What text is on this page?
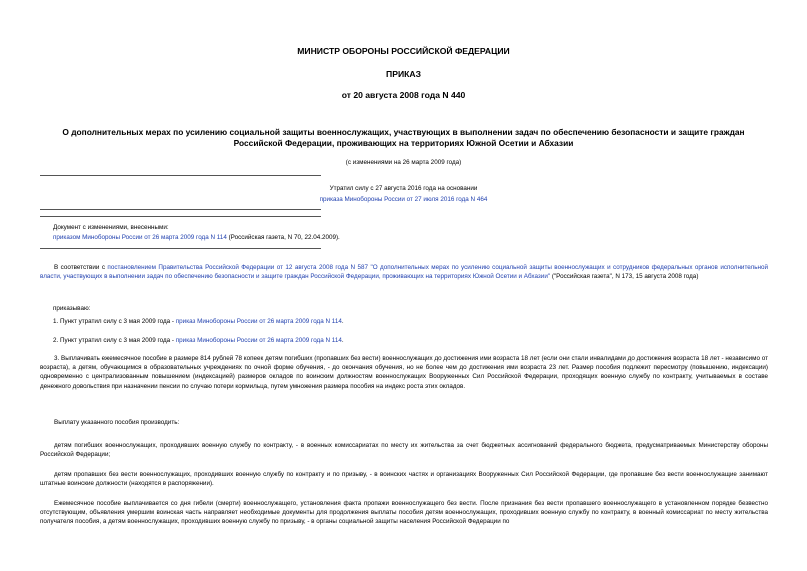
МИНИСТР ОБОРОНЫ РОССИЙСКОЙ ФЕДЕРАЦИИ

ПРИКАЗ

от 20 августа 2008 года N 440

О дополнительных мерах по усилению социальной защиты военнослужащих, участвующих в выполнении задач по обеспечению безопасности и защите граждан Российской Федерации, проживающих на территориях Южной Осетии и Абхазии

(с изменениями на 26 марта 2009 года)

Утратил силу с 27 августа 2016 года на основании

приказа Минобороны России от 27 июля 2016 года N 464

Документ с изменениями, внесенными:

приказом Минобороны России от 26 марта 2009 года N 114 (Российская газета, N 70, 22.04.2009).

В соответствии с постановлением Правительства Российской Федерации от 12 августа 2008 года N 587 "О дополнительных мерах по усилению социальной защиты военнослужащих и сотрудников федеральных органов исполнительной власти, участвующих в выполнении задач по обеспечению безопасности и защите граждан Российской Федерации, проживающих на территориях Южной Осетии и Абхазии" ("Российская газета", N 173, 15 августа 2008 года)

приказываю:

1. Пункт утратил силу с 3 мая 2009 года - приказ Минобороны России от 26 марта 2009 года N 114.

2. Пункт утратил силу с 3 мая 2009 года - приказ Минобороны России от 26 марта 2009 года N 114.

3. Выплачивать ежемесячное пособие в размере 814 рублей 78 копеек детям погибших (пропавших без вести) военнослужащих до достижения ими возраста 18 лет (если они стали инвалидами до достижения возраста 18 лет - независимо от возраста), а детям, обучающимся в образовательных учреждениях по очной форме обучения, - до окончания обучения, но не более чем до достижения ими возраста 23 лет. Размер пособия подлежит пересмотру (повышению, индексации) одновременно с централизованным повышением (индексацией) размеров окладов по воинским должностям военнослужащих Вооруженных Сил Российской Федерации, проходящих военную службу по контракту, учитываемых в составе денежного довольствия при назначении пенсии по случаю потери кормильца, путем умножения размера пособия на индекс роста этих окладов.

Выплату указанного пособия производить:

детям погибших военнослужащих, проходивших военную службу по контракту, - в военных комиссариатах по месту их жительства за счет бюджетных ассигнований федерального бюджета, предусматриваемых Министерству обороны Российской Федерации;

детям пропавших без вести военнослужащих, проходивших военную службу по контракту и по призыву, - в воинских частях и организациях Вооруженных Сил Российской Федерации, где пропавшие без вести военнослужащие занимают штатные воинские должности (находятся в распоряжении).

Ежемесячное пособие выплачивается со дня гибели (смерти) военнослужащего, установления факта пропажи военнослужащего без вести. После признания без вести пропавшего военнослужащего в установленном порядке безвестно отсутствующим, объявления умершим воинская часть направляет необходимые документы для продолжения выплаты пособия детям военнослужащих, проходивших военную службу по контракту, в военный комиссариат по месту жительства получателя пособия, а детям военнослужащих, проходивших военную службу по призыву, - в органы социальной защиты населения Российской Федерации по
